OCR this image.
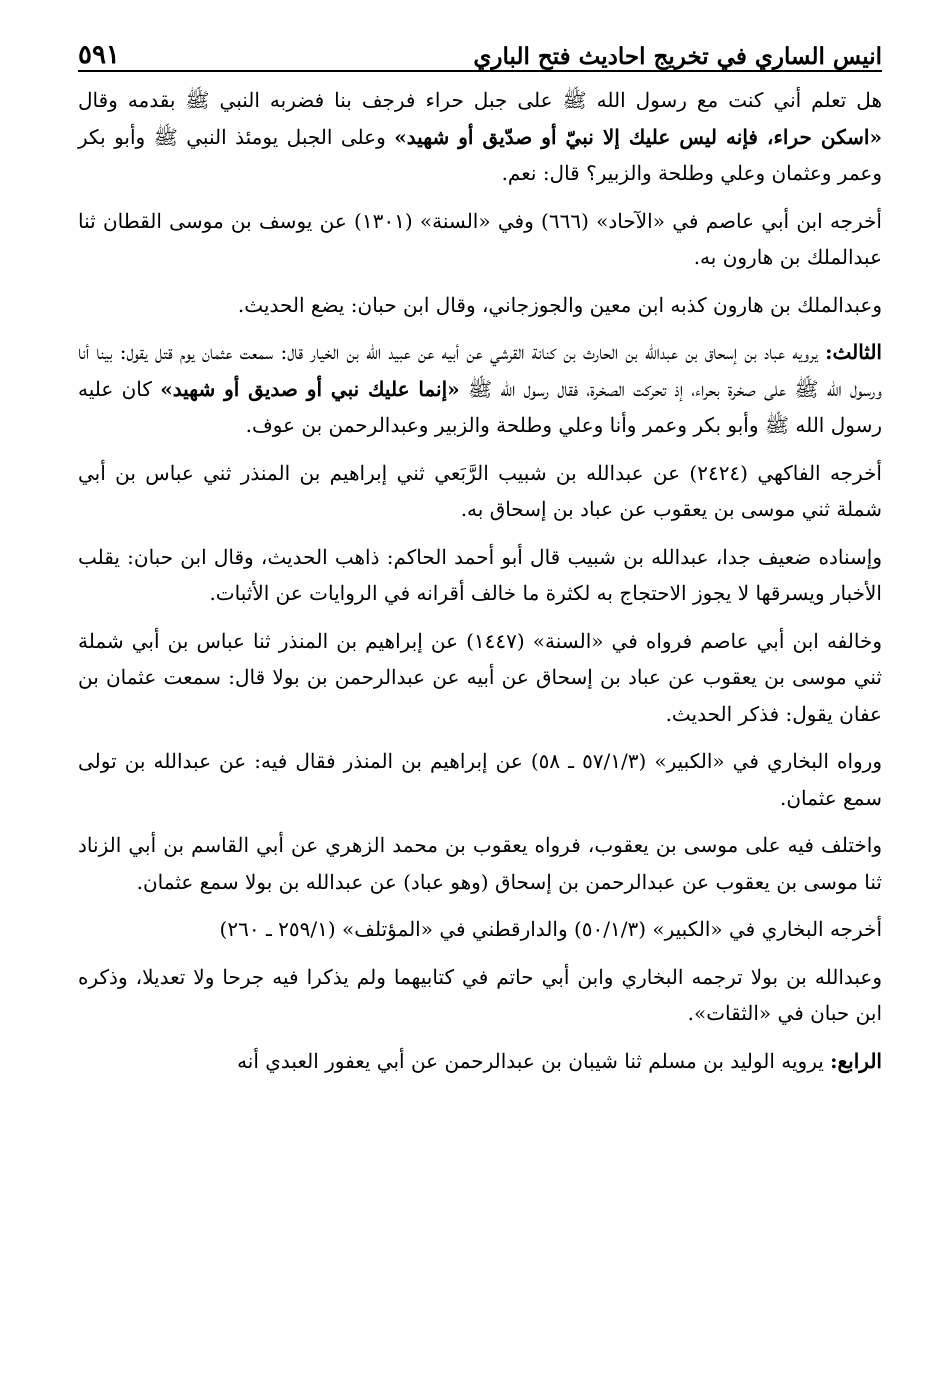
انيس الساري في تخريج احاديث فتح الباري
٥٩١

هل تعلم أني كنت مع رسول الله ﷺ على جبل حراء فرجف بنا فضربه النبي ﷺ بقدمه وقال «اسكن حراء، فإنه ليس عليك إلا نبيّ أو صدّيق أو شهيد» وعلى الجبل يومئذ النبي ﷺ وأبو بكر وعمر وعثمان وعلي وطلحة والزبير؟ قال: نعم.

أخرجه ابن أبي عاصم في «الآحاد» (٦٦٦) وفي «السنة» (١٣٠١) عن يوسف بن موسى القطان ثنا عبدالملك بن هارون به.

وعبدالملك بن هارون كذبه ابن معين والجوزجاني، وقال ابن حبان: يضع الحديث.

الثالث: يرويه عباد بن إسحاق بن عبدالله بن الحارث بن كنانة القرشي عن أبيه عن عبيد الله بن الخيار قال: سمعت عثمان يوم قتل يقول: بينا أنا ورسول الله ﷺ على صخرة بحراء، إذ تحركت الصخرة، فقال رسول الله ﷺ «إنما عليك نبي أو صديق أو شهيد» كان عليه رسول الله ﷺ وأبو بكر وعمر وأنا وعلي وطلحة والزبير وعبدالرحمن بن عوف.

أخرجه الفاكهي (٢٤٢٤) عن عبدالله بن شبيب الرَّبَعي ثني إبراهيم بن المنذر ثني عباس بن أبي شملة ثني موسى بن يعقوب عن عباد بن إسحاق به.

وإسناده ضعيف جدا، عبدالله بن شبيب قال أبو أحمد الحاكم: ذاهب الحديث، وقال ابن حبان: يقلب الأخبار ويسرقها لا يجوز الاحتجاج به لكثرة ما خالف أقرانه في الروايات عن الأثبات.

وخالفه ابن أبي عاصم فرواه في «السنة» (١٤٤٧) عن إبراهيم بن المنذر ثنا عباس بن أبي شملة ثني موسى بن يعقوب عن عباد بن إسحاق عن أبيه عن عبدالرحمن بن بولا قال: سمعت عثمان بن عفان يقول: فذكر الحديث.

ورواه البخاري في «الكبير» (٥٧/١/٣ ـ ٥٨) عن إبراهيم بن المنذر فقال فيه: عن عبدالله بن تولى سمع عثمان.

واختلف فيه على موسى بن يعقوب، فرواه يعقوب بن محمد الزهري عن أبي القاسم بن أبي الزناد ثنا موسى بن يعقوب عن عبدالرحمن بن إسحاق (وهو عباد) عن عبدالله بن بولا سمع عثمان.

أخرجه البخاري في «الكبير» (٥٠/١/٣) والدارقطني في «المؤتلف» (٢٥٩/١ ـ ٢٦٠)

وعبدالله بن بولا ترجمه البخاري وابن أبي حاتم في كتابيهما ولم يذكرا فيه جرحا ولا تعديلا، وذكره ابن حبان في «الثقات».

الرابع: يرويه الوليد بن مسلم ثنا شيبان بن عبدالرحمن عن أبي يعفور العبدي أنه
